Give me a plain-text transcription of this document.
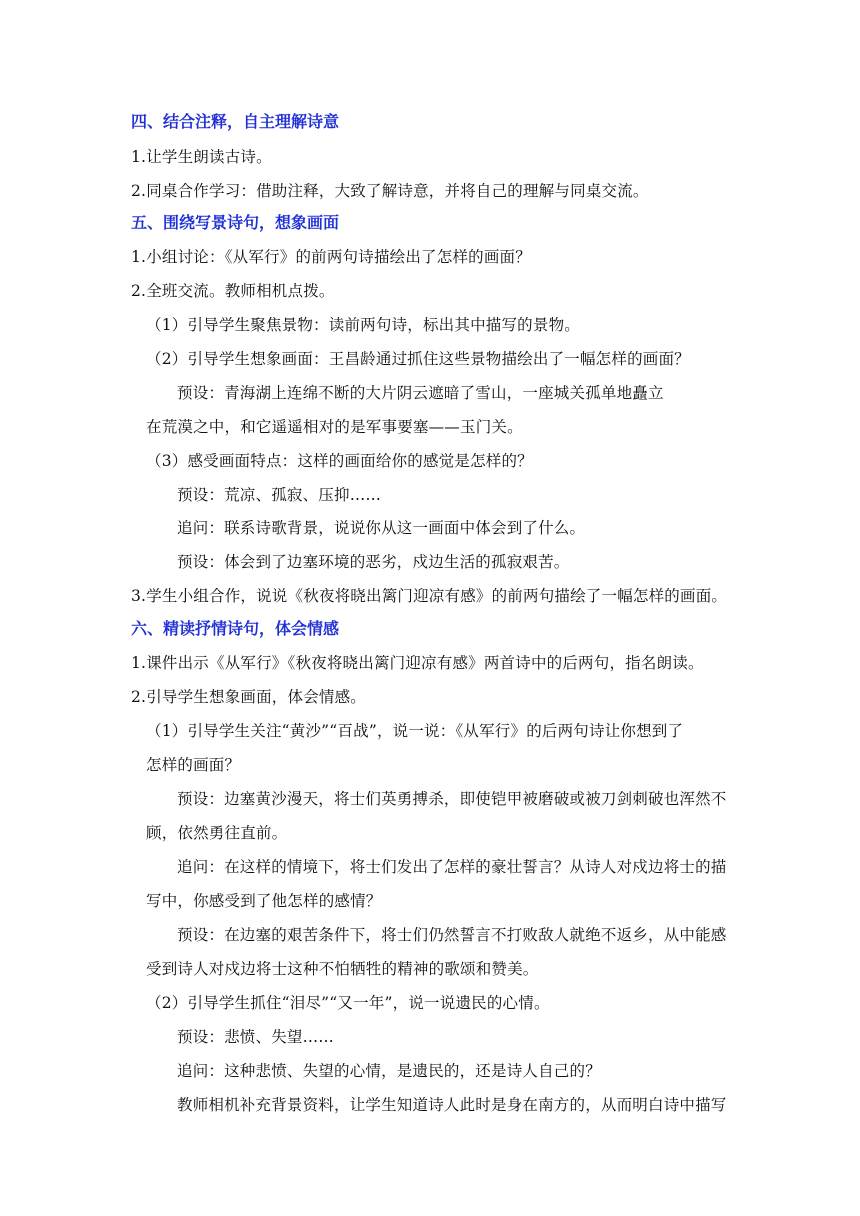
四、结合注释，自主理解诗意
1.让学生朗读古诗。
2.同桌合作学习：借助注释，大致了解诗意，并将自己的理解与同桌交流。
五、围绕写景诗句，想象画面
1.小组讨论：《从军行》的前两句诗描绘出了怎样的画面？
2.全班交流。教师相机点拨。
（1）引导学生聚焦景物：读前两句诗，标出其中描写的景物。
（2）引导学生想象画面：王昌龄通过抓住这些景物描绘出了一幅怎样的画面？
预设：青海湖上连绵不断的大片阴云遮暗了雪山，一座城关孤单地矗立
在荒漠之中，和它遥遥相对的是军事要塞——玉门关。
（3）感受画面特点：这样的画面给你的感觉是怎样的？
预设：荒凉、孤寂、压抑……
追问：联系诗歌背景，说说你从这一画面中体会到了什么。
预设：体会到了边塞环境的恶劣，戍边生活的孤寂艰苦。
3.学生小组合作，说说《秋夜将晓出篱门迎凉有感》的前两句描绘了一幅怎样的画面。
六、精读抒情诗句，体会情感
1.课件出示《从军行》《秋夜将晓出篱门迎凉有感》两首诗中的后两句，指名朗读。
2.引导学生想象画面，体会情感。
（1）引导学生关注“黄沙”“百战”，说一说：《从军行》的后两句诗让你想到了
怎样的画面？
预设：边塞黄沙漫天，将士们英勇搏杀，即使铠甲被磨破或被刀剑刺破也浑然不
顾，依然勇往直前。
追问：在这样的情境下，将士们发出了怎样的豪壮誓言？从诗人对戍边将士的描
写中，你感受到了他怎样的感情？
预设：在边塞的艰苦条件下，将士们仍然誓言不打败敌人就绝不返乡，从中能感
受到诗人对戍边将士这种不怕牺牲的精神的歌颂和赞美。
（2）引导学生抓住“泪尽”“又一年”，说一说遗民的心情。
预设：悲愤、失望……
追问：这种悲愤、失望的心情，是遗民的，还是诗人自己的？
教师相机补充背景资料，让学生知道诗人此时是身在南方的，从而明白诗中描写
